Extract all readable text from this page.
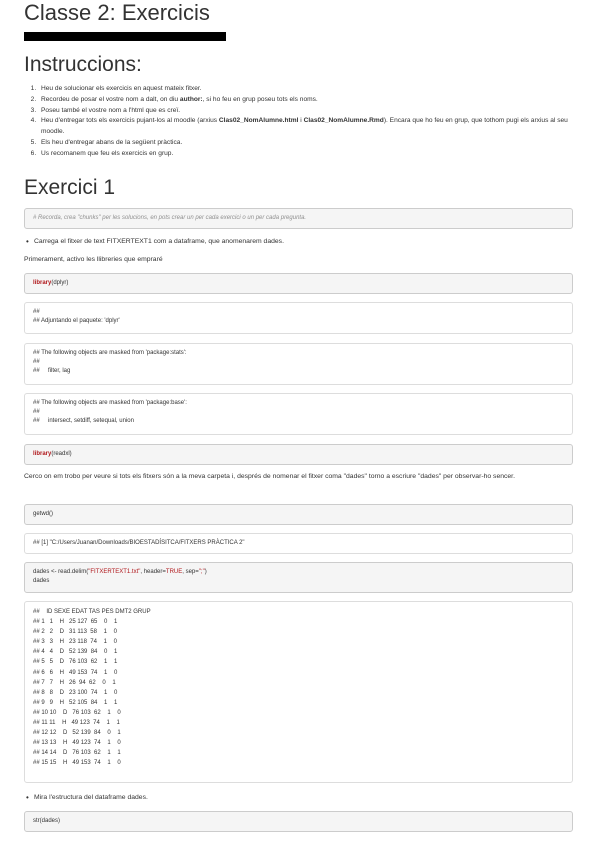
Classe 2: Exercicis
Instruccions:
1. Heu de solucionar els exercicis en aquest mateix fitxer.
2. Recordeu de posar el vostre nom a dalt, on diu author:, si ho feu en grup poseu tots els noms.
3. Poseu també el vostre nom a l'html que es creï.
4. Heu d'entregar tots els exercicis pujant-los al moodle (arxius Clas02_NomAlumne.html i Clas02_NomAlumne.Rmd). Encara que ho feu en grup, que tothom pugi els arxius al seu moodle.
5. Els heu d'entregar abans de la següent pràctica.
6. Us recomanem que feu els exercicis en grup.
Exercici 1
# Recorda, crea "chunks" per les solucions, en pots crear un per cada exercici o un per cada pregunta.
• Carrega el fitxer de text FITXERTEXT1 com a dataframe, que anomenarem dades.
Primerament, activo les llibreries que empraré
library(dplyr)
##
## Adjuntando el paquete: 'dplyr'
## The following objects are masked from 'package:stats':
##
##     filter, lag
## The following objects are masked from 'package:base':
##
##     intersect, setdiff, setequal, union
library(readxl)
Cerco on em trobo per veure si tots els fitxers són a la meva carpeta i, després de nomenar el fitxer coma "dades" torno a escriure "dades" per observar-ho sencer.
getwd()
## [1] "C:/Users/Juanan/Downloads/BIOESTADÍSITCA/FITXERS PRÀCTICA 2"
dades <- read.delim("FITXERTEXT1.txt", header=TRUE, sep=";")
dades
##    ID SEXE EDAT TAS PES DMT2 GRUP
## 1   1    H   25 127  65    0    1
## 2   2    D   31 113  58    1    0
## 3   3    H   23 118  74    1    0
## 4   4    D   52 139  84    0    1
## 5   5    D   76 103  62    1    1
## 6   6    H   49 153  74    1    0
## 7   7    H   26  94  62    0    1
## 8   8    D   23 100  74    1    0
## 9   9    H   52 105  84    1    1
## 10 10    D   76 103  62    1    0
## 11 11    H   49 123  74    1    1
## 12 12    D   52 139  84    0    1
## 13 13    H   49 123  74    1    0
## 14 14    D   76 103  62    1    1
## 15 15    H   49 153  74    1    0
• Mira l'estructura del dataframe dades.
str(dades)
